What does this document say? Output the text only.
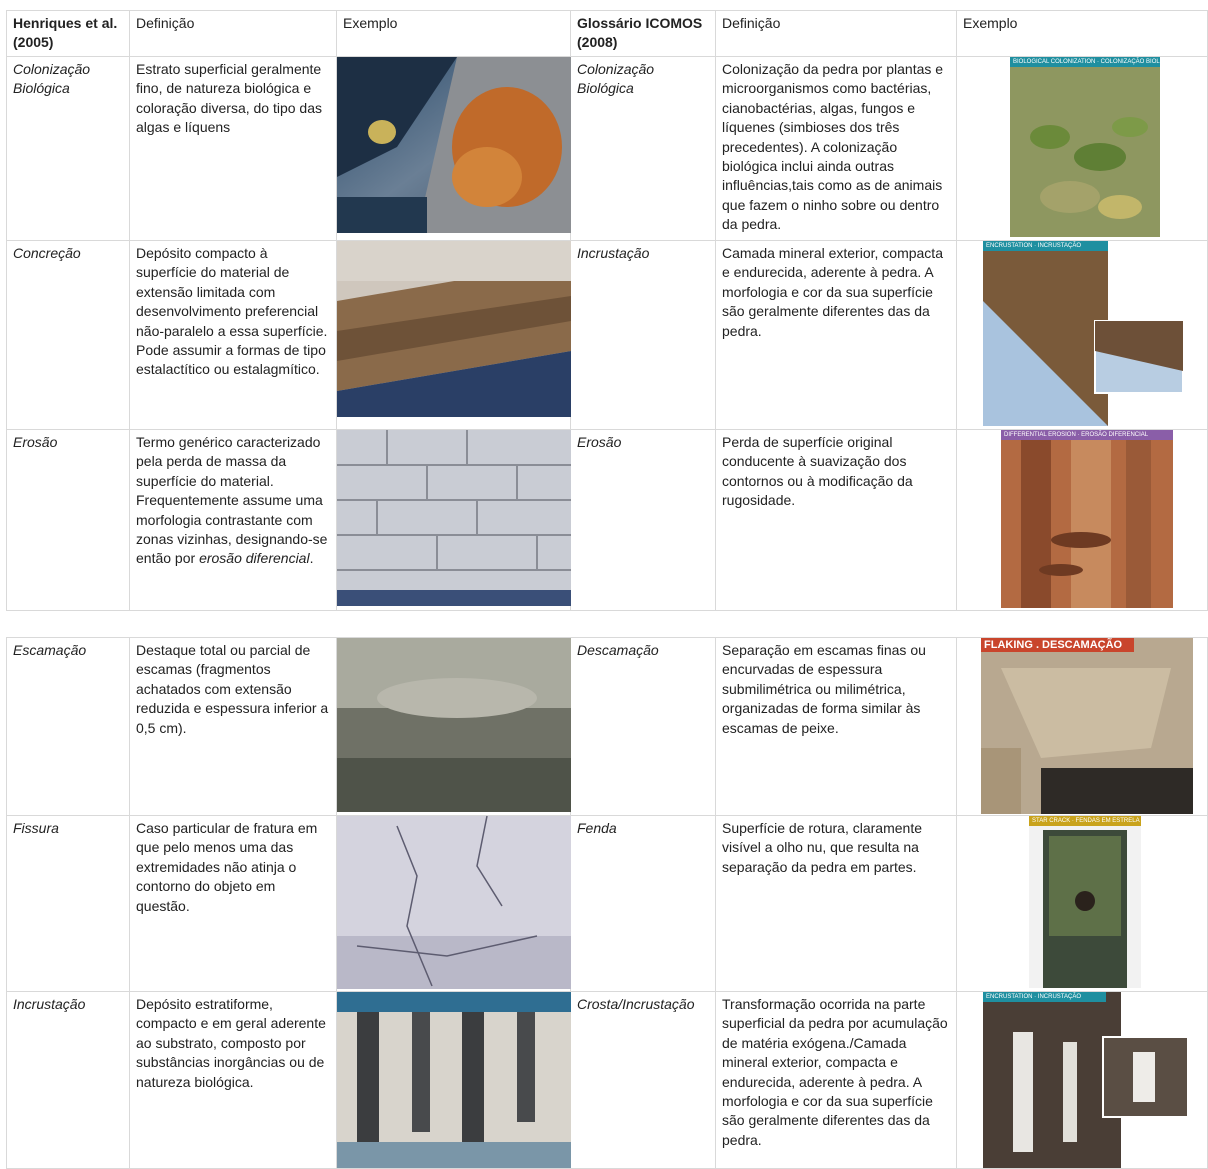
Henriques et al. (2005)	Definição	Exemplo	Glossário ICOMOS (2008)	Definição	Exemplo
Colonização Biológica	Estrato superficial geralmente fino, de natureza biológica e coloração diversa, do tipo das algas e líquens		Colonização Biológica	Colonização da pedra por plantas e microorganismos como bactérias, cianobactérias, algas, fungos e líquenes (simbioses dos três precedentes). A colonização biológica inclui ainda outras influências,tais como as de animais que fazem o ninho sobre ou dentro da pedra.	BIOLOGICAL COLONIZATION · COLONIZAÇÃO BIOLÓGICA

Concreção	Depósito compacto à superfície do material de extensão limitada com desenvolvimento preferencial não-paralelo a essa superfície. Pode assumir a formas de tipo estalactítico ou estalagmítico.		Incrustação	Camada mineral exterior, compacta e endurecida, aderente à pedra. A morfologia e cor da sua superfície são geralmente diferentes das da pedra.	ENCRUSTATION · INCRUSTAÇÃO

Erosão	Termo genérico caracterizado pela perda de massa da superfície do material. Frequentemente assume uma morfologia contrastante com zonas vizinhas, designando-se então por erosão diferencial.		Erosão	Perda de superfície original conducente à suavização dos contornos ou à modificação da rugosidade.	DIFFERENTIAL EROSION · EROSÃO DIFERENCIAL
Escamação	Destaque total ou parcial de escamas (fragmentos achatados com extensão reduzida e espessura inferior a 0,5 cm).		Descamação	Separação em escamas finas ou encurvadas de espessura submilimétrica ou milimétrica, organizadas de forma similar às escamas de peixe.	FLAKING . DESCAMAÇÃO

Fissura	Caso particular de fratura em que pelo menos uma das extremidades não atinja o contorno do objeto em questão.		Fenda	Superfície de rotura, claramente visível a olho nu, que resulta na separação da pedra em partes.	STAR CRACK · FENDAS EM ESTRELA

Incrustação	Depósito estratiforme, compacto e em geral aderente ao substrato, composto por substâncias inorgâncias ou de natureza biológica.		Crosta/Incrustação	Transformação ocorrida na parte superficial da pedra por acumulação de matéria exógena./Camada mineral exterior, compacta e endurecida, aderente à pedra. A morfologia e cor da sua superfície são geralmente diferentes das da pedra.	ENCRUSTATION · INCRUSTAÇÃO
